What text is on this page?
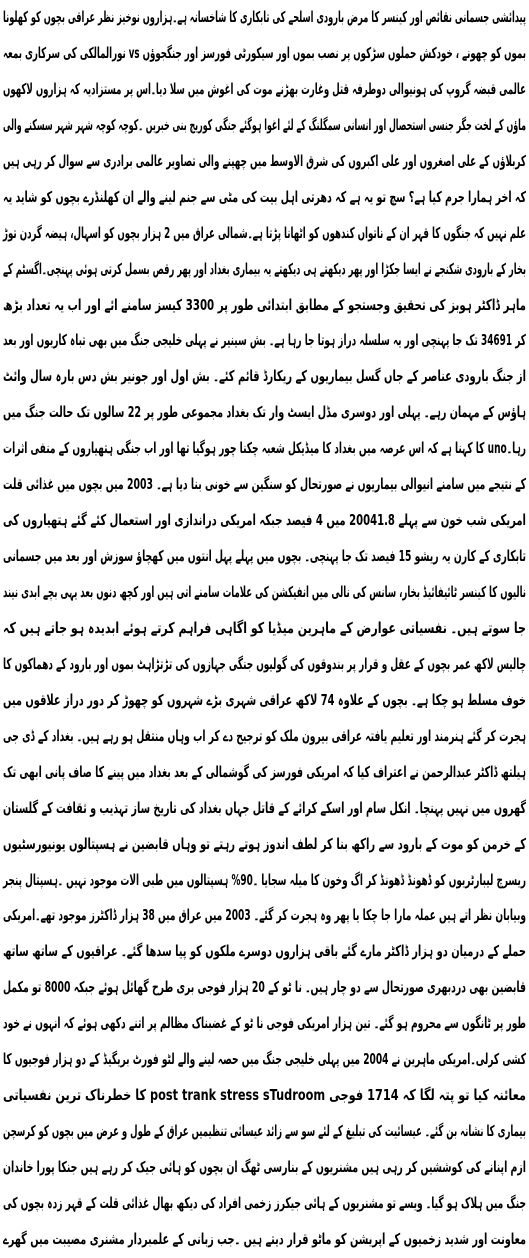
پیدائشی جسمانی نقائص اور کینسر کا مرض بارودی اسلحے کی تابکاری کا شاخسانہ ہے۔ہزاروں نوخیز نظر عراقی بچوں کو کھلونا
بموں کو چھونے ، خودکش حملوں سڑکوں پر نصب بموں اور سیکورٹی فورسز اور جنگجوؤں vs نورالمالکی کی سرکاری بمعہ
عالمی قبضہ گروپ کی ہونیوالی دوطرفہ قتل وغارت بھڑنے موت کی اغوش میں سلا دیا۔اس پر مستزادیہ کہ ہزاروں لاکھوں
ماؤں کے لخت جگر جنسی استحصال اور انسانی سمگلنگ کے لئے اغوا ہوگئے جنگی کوریج بنی خبریں ۔کوچہ کوچہ شہر شہر سسکنے والی
کربلاؤں کے علی اصغروں اور علی اکبروں کی شرق الاوسط میں چھپنے والی تصاویر عالمی برادری سے سوال کر رہی ہیں
کہ اخر ہمارا جرم کیا ہے؟ سچ تو یہ ہے کہ دھرتی اہل بیت کی مٹی سے جنم لینے والے ان کھلنڈرے بچوں کو شاید یہ
علم نہیں کہ جنگوں کا قہر ان کے ناتواں کندھوں کو اٹھانا پڑتا ہے۔شمالی عراق میں 2 ہزار بچوں کو اسہال، ہیضہ گردن توڑ
بخار کے بارودی شکنجے نے ایسا جکڑا اور پھر دیکھتے ہی دیکھتے یہ بیماری بغداد اور پھر رقص بسمل کرتی ہوئی پہنچی۔اگسٹم کے
ماہر ڈاکٹر ہوبز کی تحقیق وجستجو کے مطابق ابتدائی طور پر 3300 کیسز سامنے ائے اور اب یہ تعداد بڑھ
کر 34691 تک جا پہنچی اور یہ سلسلہ دراز ہوتا جا رہا ہے۔ بش سینیر نے پہلی خلیجی جنگ میں بھی تباہ کاریوں اور بعد
از جنگ بارودی عناصر کے جاں گسل بیماریوں کے ریکارڈ قائم کئے۔ بش اول اور جونیر بش دس بارہ سال وائٹ
ہاؤس کے مہمان رہے۔ پہلی اور دوسری مڈل ایسٹ وار تک بغداد مجموعی طور پر 22 سالوں تک حالت جنگ میں
رہا۔uno کا کہنا ہے کہ اس عرصہ میں بغداد کا میڈیکل شعبہ چکنا چور ہوگیا تھا اور اب جنگی ہتھیاروں کے منفی اثرات
کے نتیجے میں سامنے انیوالی بیماریوں نے صورتحال کو سنگین سے خونی بنا دیا ہے۔ 2003 میں بچوں میں غذائی قلت
امریکی شب خون سے پہلے 20041.8 میں 4 فیصد جبکہ امریکی دراندازی اور استعمال کئے گئے ہتھیاروں کی
تابکاری کے کارن یہ ریشو 15 فیصد تک جا پہنچی۔ بچوں میں پہلے پہل انتوں میں کھچاؤ سوزش اور بعد میں جسمانی
نالیوں کا کینسر ٹائیفائیڈ بخار، سانس کی نالی میں انفیکشن کی علامات سامنے اتی ہیں اور کچھ دنوں بعد یہی بچے ابدی نیند
جا سوتے ہیں۔ نفسیاتی عوارض کے ماہرین میڈیا کو اگاہی فراہم کرتے ہوئے ابدیدہ ہو جاتے ہیں کہ
چالیس لاکھ عمر بچوں کے عقل و قرار پر بندوقوں کی گولیوں جنگی جہازوں کی تڑتڑاہٹ بموں اور بارود کے دھماکوں کا
خوف مسلط ہو چکا ہے۔ بچوں کے علاوہ 74 لاکھ عراقی شہری بڑے شہروں کو چھوڑ کر دور دراز علاقوں میں
ہجرت کر گئے ہنرمند اور تعلیم یافتہ عراقی بیرون ملک کو ترجیح دے کر اب وہاں منتقل ہو رہے ہیں۔ بغداد کے ڈی جی
ہیلتھ ڈاکٹر عبدالرحمن نے اعتراف کیا کہ امریکی فورسز کی گوشمالی کے بعد بغداد میں پینے کا صاف پانی ابھی تک
گھروں میں نہیں پہنچا۔ انکل سام اور اسکے کرائے کے قاتل جہاں بغداد کی تاریخ ساز تہذیب و ثقافت کے گلستان
کے خرمن کو موت کے بارود سے راکھ بنا کر لطف اندوز ہوتے رہتے تو وہاں قابضین نے ہسپتالوں یونیورسٹیوں
ریسرچ لیبارٹریوں کو ڈھونڈ ڈھونڈ کر اگ وخون کا میلہ سجایا ۔90% ہسپتالوں میں طبی الات موجود نہیں ۔ہسپتال پنجر
وبیابان نظر اتے ہیں عملہ مارا جا چکا یا پھر وہ ہجرت کر گئے۔ 2003 میں عراق میں 38 ہزار ڈاکٹرز موجود تھے۔امریکی
حملے کے درمیان دو ہزار ڈاکٹر مارے گئے باقی ہزاروں دوسرے ملکوں کو پیا سدھا گئے۔ عراقیوں کے ساتھ ساتھ
قابضین بھی دردبھری صورتحال سے دو چار ہیں۔ نا ٹو کے 20 ہزار فوجی بری طرح گھائل ہوئے جبکہ 8000 تو مکمل
طور پر ٹانگوں سے محروم ہو گئے۔ تین ہزار امریکی فوجی نا ٹو کے غضبناک مظالم پر اتنے دکھی ہوئے کہ انہوں نے خود
کشی کرلی۔امریکی ماہرین نے 2004 میں پہلی خلیجی جنگ میں حصہ لینے والے لٹو فورٹ بریگیڈ کے دو ہزار فوجیوں کا
معائنہ کیا تو پتہ لگا کہ 1714 فوجی post trank stress sTudroom کا خطرناک ترین نفسیاتی
بیماری کا نشانہ بن گئے۔ عیسائیت کی تبلیغ کے لئے سو سے زائد عیسائی تنظیمیں عراق کے طول و عرض میں بچوں کو کرسچن
ازم اپنانے کی کوششیں کر رہی ہیں مشنریوں کے بنارسی ٹھگ ان بچوں کو ہائی جیک کر رہے ہیں جنکا پورا خاندان
جنگ میں ہلاک ہو گیا۔ ویسے تو مشنریوں کے ہائی جیکرز زخمی افراد کی دیکھ بھال غذائی قلت کے قہر زدہ بچوں کی
معاونت اور شدید زخمیوں کے اپریشن کو ماٹو قرار دیتے ہیں ۔جب زبانی کے علمبردار مشنری مصیبت میں گھرے
